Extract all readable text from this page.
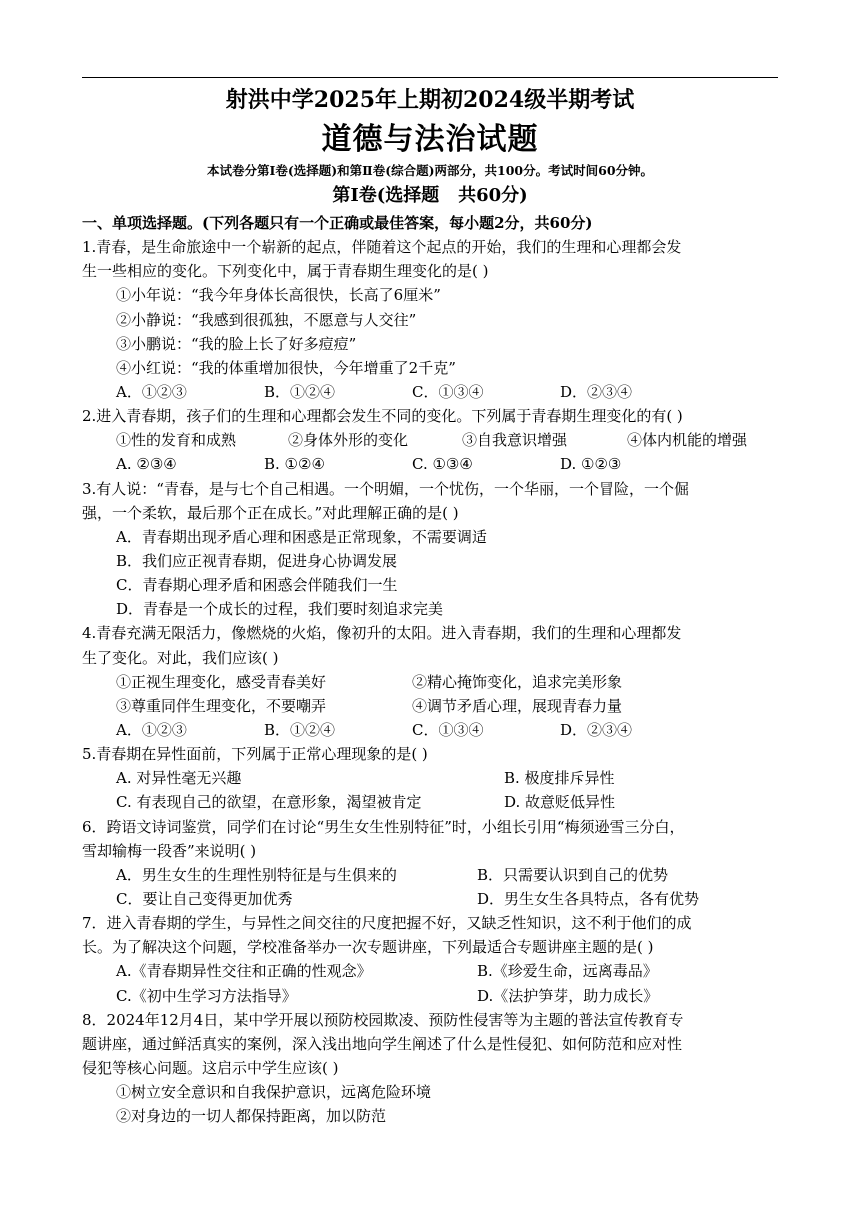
射洪中学2025年上期初2024级半期考试
道德与法治试题
本试卷分第Ⅰ卷(选择题)和第Ⅱ卷(综合题)两部分，共100分。考试时间60分钟。
第Ⅰ卷(选择题   共60分)
一、单项选择题。(下列各题只有一个正确或最佳答案，每小题2分，共60分)
1.青春，是生命旅途中一个崭新的起点，伴随着这个起点的开始，我们的生理和心理都会发
生一些相应的变化。下列变化中，属于青春期生理变化的是( )
①小年说：“我今年身体长高很快，长高了6厘米”
②小静说：“我感到很孤独，不愿意与人交往”
③小鹏说：“我的脸上长了好多痘痘”
④小红说：“我的体重增加很快，今年增重了2千克”
A．①②③	B．①②④	C．①③④	D．②③④
2.进入青春期，孩子们的生理和心理都会发生不同的变化。下列属于青春期生理变化的有( )
①性的发育和成熟	②身体外形的变化	③自我意识增强	④体内机能的增强
A. ②③④	B. ①②④	C. ①③④	D. ①②③
3.有人说：“青春，是与七个自己相遇。一个明媚，一个忧伤，一个华丽，一个冒险，一个倔
强，一个柔软，最后那个正在成长。”对此理解正确的是( )
A．青春期出现矛盾心理和困惑是正常现象，不需要调适
B．我们应正视青春期，促进身心协调发展
C．青春期心理矛盾和困惑会伴随我们一生
D．青春是一个成长的过程，我们要时刻追求完美
4.青春充满无限活力，像燃烧的火焰，像初升的太阳。进入青春期，我们的生理和心理都发
生了变化。对此，我们应该( )
①正视生理变化，感受青春美好	②精心掩饰变化，追求完美形象
③尊重同伴生理变化，不要嘲弄	④调节矛盾心理，展现青春力量
A．①②③	B．①②④	C．①③④	D．②③④
5.青春期在异性面前，下列属于正常心理现象的是( )
A. 对异性毫无兴趣	B. 极度排斥异性
C. 有表现自己的欲望，在意形象，渴望被肯定	D. 故意贬低异性
6．跨语文诗词鉴赏，同学们在讨论“男生女生性别特征”时，小组长引用“梅须逊雪三分白，
雪却输梅一段香”来说明( )
A．男生女生的生理性别特征是与生俱来的	B．只需要认识到自己的优势
C．要让自己变得更加优秀	D．男生女生各具特点，各有优势
7．进入青春期的学生，与异性之间交往的尺度把握不好，又缺乏性知识，这不利于他们的成
长。为了解决这个问题，学校准备举办一次专题讲座，下列最适合专题讲座主题的是( )
A.《青春期异性交往和正确的性观念》	B.《珍爱生命，远离毒品》
C.《初中生学习方法指导》	D.《法护笋芽，助力成长》
8．2024年12月4日，某中学开展以预防校园欺凌、预防性侵害等为主题的普法宣传教育专
题讲座，通过鲜活真实的案例，深入浅出地向学生阐述了什么是性侵犯、如何防范和应对性
侵犯等核心问题。这启示中学生应该( )
①树立安全意识和自我保护意识，远离危险环境
②对身边的一切人都保持距离，加以防范
